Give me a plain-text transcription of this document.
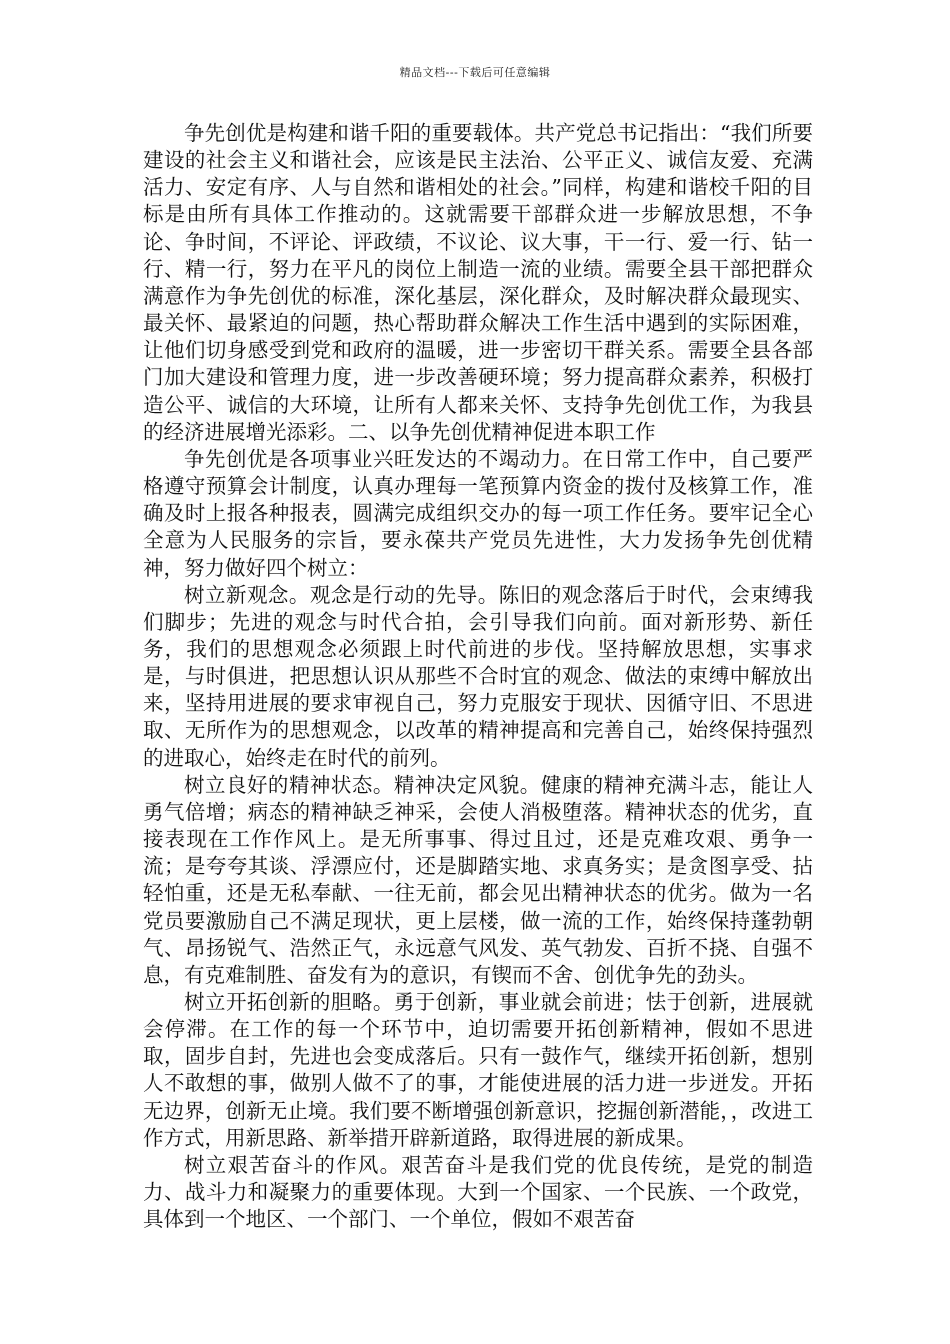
精品文档---下载后可任意编辑

争先创优是构建和谐千阳的重要载体。共产党总书记指出：“我们所要建设的社会主义和谐社会，应该是民主法治、公平正义、诚信友爱、充满活力、安定有序、人与自然和谐相处的社会。”同样，构建和谐校千阳的目标是由所有具体工作推动的。这就需要干部群众进一步解放思想，不争论、争时间，不评论、评政绩，不议论、议大事，干一行、爱一行、钻一行、精一行，努力在平凡的岗位上制造一流的业绩。需要全县干部把群众满意作为争先创优的标准，深化基层，深化群众，及时解决群众最现实、最关怀、最紧迫的问题，热心帮助群众解决工作生活中遇到的实际困难，让他们切身感受到党和政府的温暖，进一步密切干群关系。需要全县各部门加大建设和管理力度，进一步改善硬环境；努力提高群众素养，积极打造公平、诚信的大环境，让所有人都来关怀、支持争先创优工作，为我县的经济进展增光添彩。二、以争先创优精神促进本职工作

争先创优是各项事业兴旺发达的不竭动力。在日常工作中，自己要严格遵守预算会计制度，认真办理每一笔预算内资金的拨付及核算工作，准确及时上报各种报表，圆满完成组织交办的每一项工作任务。要牢记全心全意为人民服务的宗旨，要永葆共产党员先进性，大力发扬争先创优精神，努力做好四个树立：

树立新观念。观念是行动的先导。陈旧的观念落后于时代，会束缚我们脚步；先进的观念与时代合拍，会引导我们向前。面对新形势、新任务，我们的思想观念必须跟上时代前进的步伐。坚持解放思想，实事求是，与时俱进，把思想认识从那些不合时宜的观念、做法的束缚中解放出来，坚持用进展的要求审视自己，努力克服安于现状、因循守旧、不思进取、无所作为的思想观念，以改革的精神提高和完善自己，始终保持强烈的进取心，始终走在时代的前列。

树立良好的精神状态。精神决定风貌。健康的精神充满斗志，能让人勇气倍增；病态的精神缺乏神采，会使人消极堕落。精神状态的优劣，直接表现在工作作风上。是无所事事、得过且过，还是克难攻艰、勇争一流；是夸夸其谈、浮漂应付，还是脚踏实地、求真务实；是贪图享受、拈轻怕重，还是无私奉献、一往无前，都会见出精神状态的优劣。做为一名党员要激励自己不满足现状，更上层楼，做一流的工作，始终保持蓬勃朝气、昂扬锐气、浩然正气，永远意气风发、英气勃发、百折不挠、自强不息，有克难制胜、奋发有为的意识，有锲而不舍、创优争先的劲头。

树立开拓创新的胆略。勇于创新，事业就会前进；怯于创新，进展就会停滞。在工作的每一个环节中，迫切需要开拓创新精神，假如不思进取，固步自封，先进也会变成落后。只有一鼓作气，继续开拓创新，想别人不敢想的事，做别人做不了的事，才能使进展的活力进一步迸发。开拓无边界，创新无止境。我们要不断增强创新意识，挖掘创新潜能，，改进工作方式，用新思路、新举措开辟新道路，取得进展的新成果。

树立艰苦奋斗的作风。艰苦奋斗是我们党的优良传统，是党的制造力、战斗力和凝聚力的重要体现。大到一个国家、一个民族、一个政党，具体到一个地区、一个部门、一个单位，假如不艰苦奋
